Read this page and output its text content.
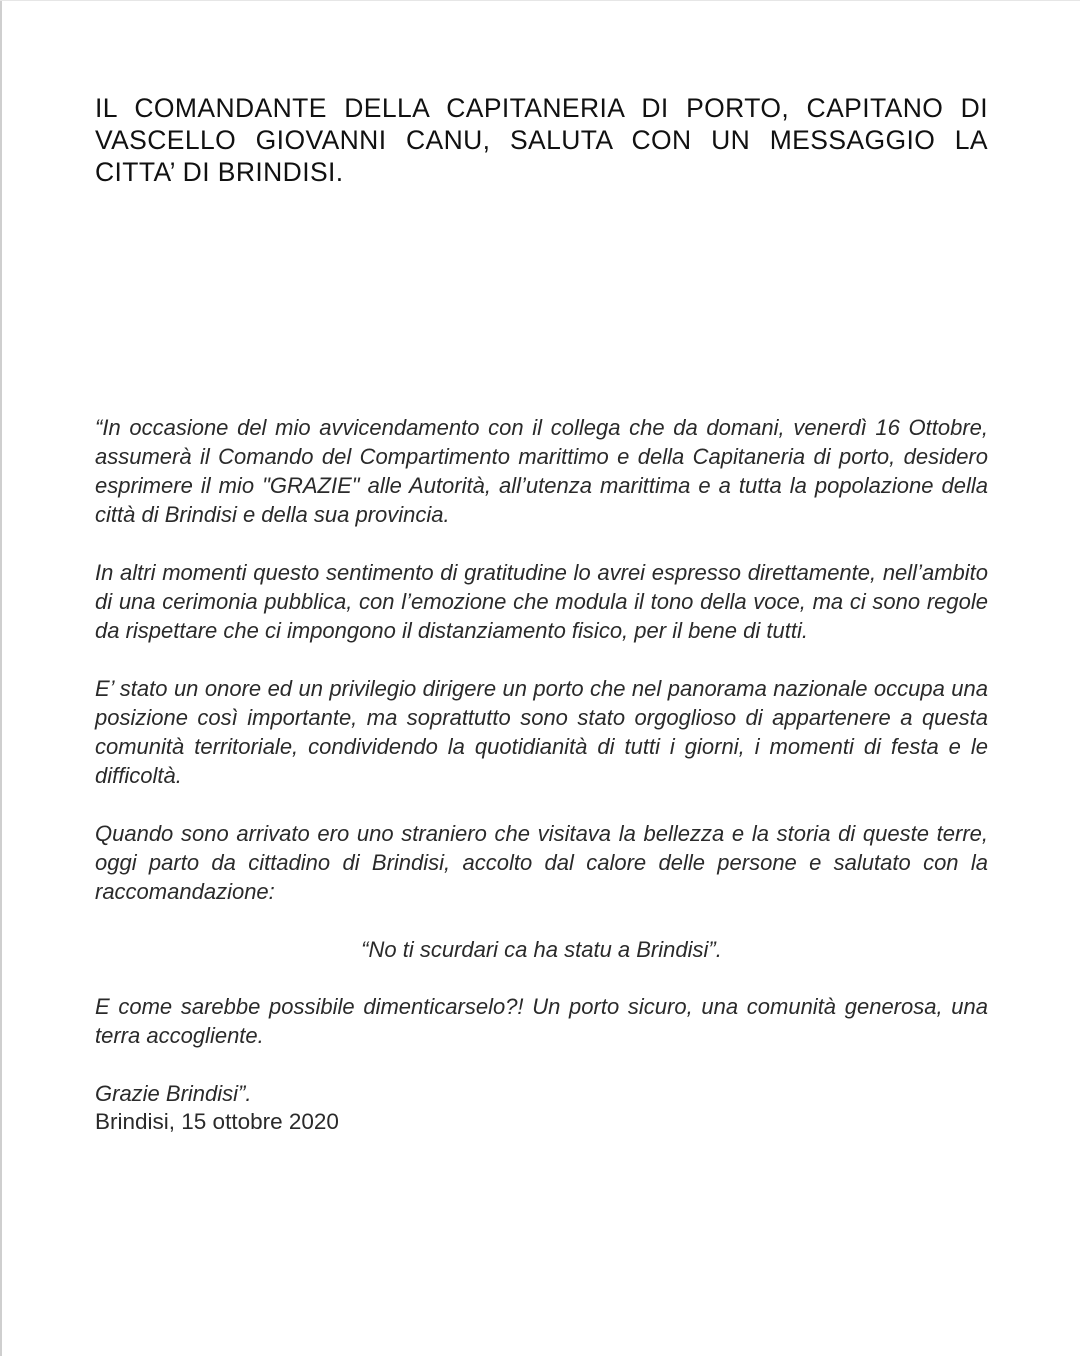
IL COMANDANTE DELLA CAPITANERIA DI PORTO, CAPITANO DI VASCELLO GIOVANNI CANU, SALUTA CON UN MESSAGGIO LA CITTA’ DI BRINDISI.

“In occasione del mio avvicendamento con il collega che da domani, venerdì 16 Ottobre, assumerà il Comando del Compartimento marittimo e della Capitaneria di porto, desidero esprimere il mio "GRAZIE" alle Autorità, all’utenza marittima e a tutta la popolazione della città di Brindisi e della sua provincia.

In altri momenti questo sentimento di gratitudine lo avrei espresso direttamente, nell’ambito di una cerimonia pubblica, con l’emozione che modula il tono della voce, ma ci sono regole da rispettare che ci impongono il distanziamento fisico, per il bene di tutti.

E’ stato un onore ed un privilegio dirigere un porto che nel panorama nazionale occupa una posizione così importante, ma soprattutto sono stato orgoglioso di appartenere a questa comunità territoriale, condividendo la quotidianità di tutti i giorni, i momenti di festa e le difficoltà.

Quando sono arrivato ero uno straniero che visitava la bellezza e la storia di queste terre, oggi parto da cittadino di Brindisi, accolto dal calore delle persone e salutato con la raccomandazione:

“No ti scurdari ca ha statu a Brindisi”.

E come sarebbe possibile dimenticarselo?! Un porto sicuro, una comunità generosa, una terra accogliente.

Grazie Brindisi”.

Brindisi, 15 ottobre 2020
